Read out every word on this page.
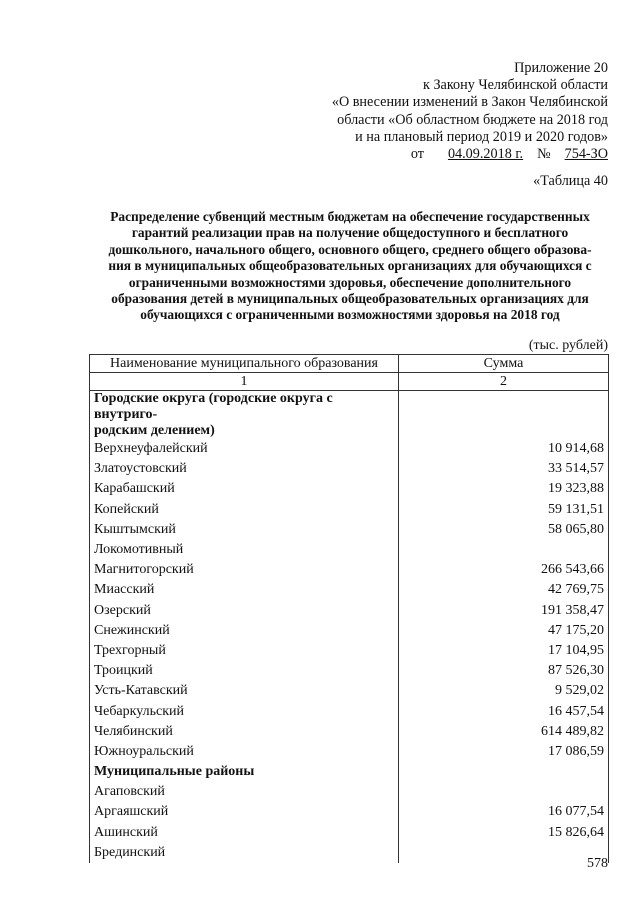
Приложение 20
к Закону Челябинской области
«О внесении изменений в Закон Челябинской
области «Об областном бюджете на 2018 год
и на плановый период 2019 и 2020 годов»
от 04.09.2018 г. № 754-ЗО
«Таблица 40
Распределение субвенций местным бюджетам на обеспечение государственных
гарантий реализации прав на получение общедоступного и бесплатного
дошкольного, начального общего, основного общего, среднего общего образова-
ния в муниципальных общеобразовательных организациях для обучающихся с
ограниченными возможностями здоровья, обеспечение дополнительного
образования детей в муниципальных общеобразовательных организациях для
обучающихся с ограниченными возможностями здоровья на 2018 год
(тыс. рублей)
Наименование муниципального образования	Сумма
1	2

Городские округа (городские округа с внутриго-
родским делением)	

Верхнеуфалейский	10 914,68
Златоустовский	33 514,57
Карабашский	19 323,88
Копейский	59 131,51
Кыштымский	58 065,80
Локомотивный	
Магнитогорский	266 543,66
Миасский	42 769,75
Озерский	191 358,47
Снежинский	47 175,20
Трехгорный	17 104,95
Троицкий	87 526,30
Усть-Катавский	9 529,02
Чебаркульский	16 457,54
Челябинский	614 489,82
Южноуральский	17 086,59

Муниципальные районы	

Агаповский	
Аргаяшский	16 077,54
Ашинский	15 826,64
Брединский	
578
